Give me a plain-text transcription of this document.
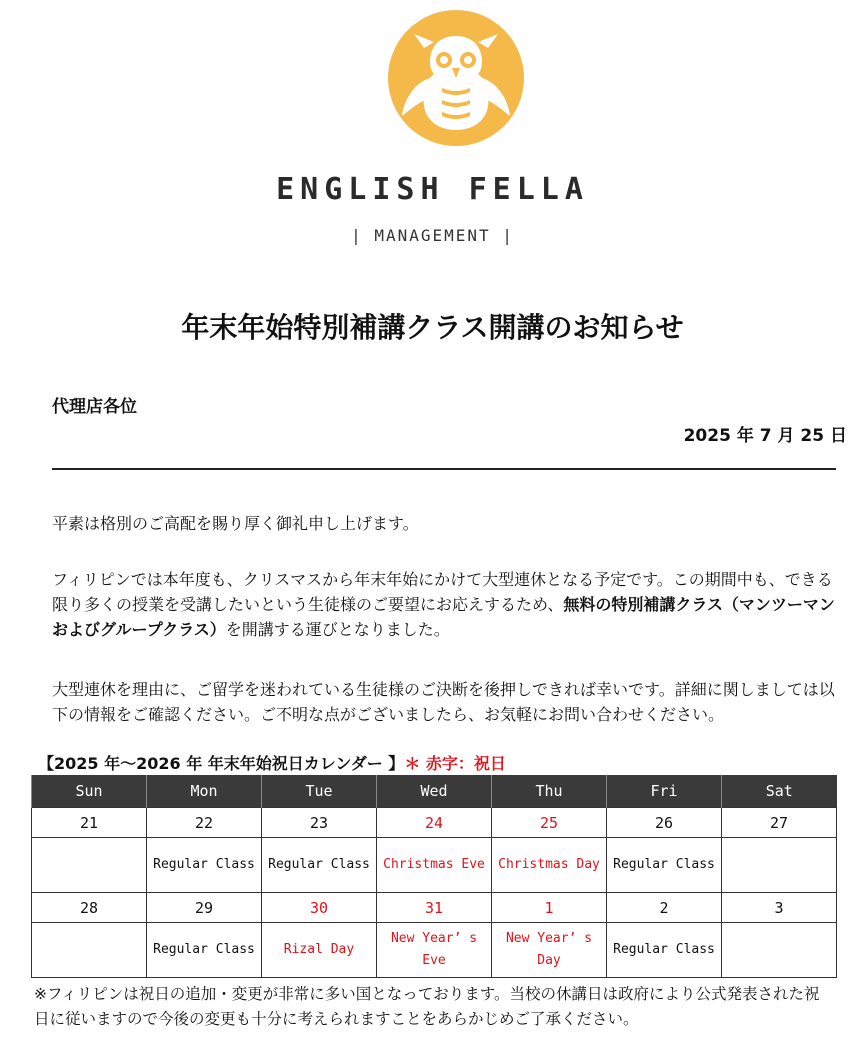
ENGLISH FELLA
| MANAGEMENT |
年末年始特別補講クラス開講のお知らせ
代理店各位
2025 年 7 月 25 日
平素は格別のご高配を賜り厚く御礼申し上げます。
フィリピンでは本年度も、クリスマスから年末年始にかけて大型連休となる予定です。この期間中も、できる限り多くの授業を受講したいという生徒様のご要望にお応えするため、無料の特別補講クラス（マンツーマンおよびグループクラス）を開講する運びとなりました。
大型連休を理由に、ご留学を迷われている生徒様のご決断を後押しできれば幸いです。詳細に関しましては以下の情報をご確認ください。ご不明な点がございましたら、お気軽にお問い合わせください。
【2025 年～2026 年 年末年始祝日カレンダー 】＊ 赤字：祝日
Sun	Mon	Tue	Wed	Thu	Fri	Sat
21	22	23	24	25	26	27
	Regular Class	Regular Class	Christmas Eve	Christmas Day	Regular Class	
28	29	30	31	1	2	3
	Regular Class	Rizal Day	New Year’ s Eve	New Year’ s Day	Regular Class	
※フィリピンは祝日の追加・変更が非常に多い国となっております。当校の休講日は政府により公式発表された祝日に従いますので今後の変更も十分に考えられますことをあらかじめご了承ください。
